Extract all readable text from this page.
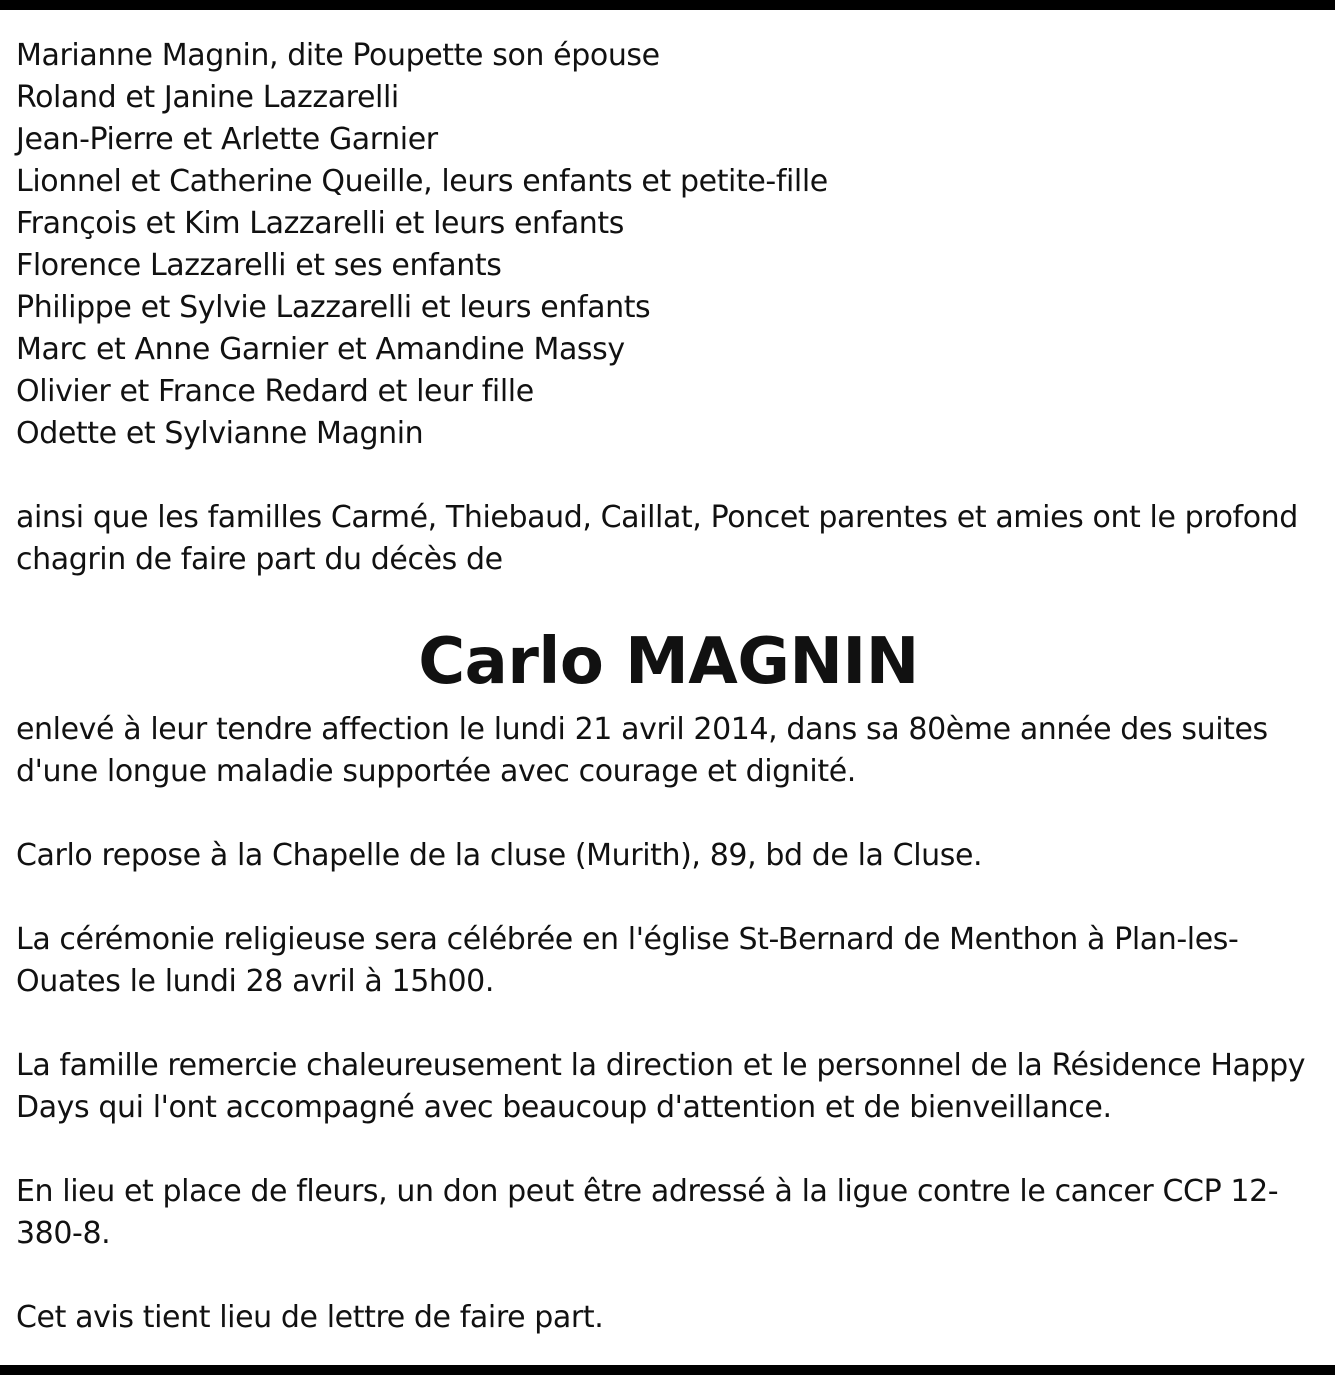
Marianne Magnin, dite Poupette son épouse
Roland et Janine Lazzarelli
Jean-Pierre et Arlette Garnier
Lionnel et Catherine Queille, leurs enfants et petite-fille
François et Kim Lazzarelli et leurs enfants
Florence Lazzarelli et ses enfants
Philippe et Sylvie Lazzarelli et leurs enfants
Marc et Anne Garnier et Amandine Massy
Olivier et France Redard et leur fille
Odette et Sylvianne Magnin

ainsi que les familles Carmé, Thiebaud, Caillat, Poncet parentes et amies ont le profond chagrin de faire part du décès de

Carlo MAGNIN

enlevé à leur tendre affection le lundi 21 avril 2014, dans sa 80ème année des suites d'une longue maladie supportée avec courage et dignité.

Carlo repose à la Chapelle de la cluse (Murith), 89, bd de la Cluse.

La cérémonie religieuse sera célébrée en l'église St-Bernard de Menthon à Plan-les-Ouates le lundi 28 avril à 15h00.

La famille remercie chaleureusement la direction et le personnel de la Résidence Happy Days qui l'ont accompagné avec beaucoup d'attention et de bienveillance.

En lieu et place de fleurs, un don peut être adressé à la ligue contre le cancer CCP 12-380-8.

Cet avis tient lieu de lettre de faire part.
